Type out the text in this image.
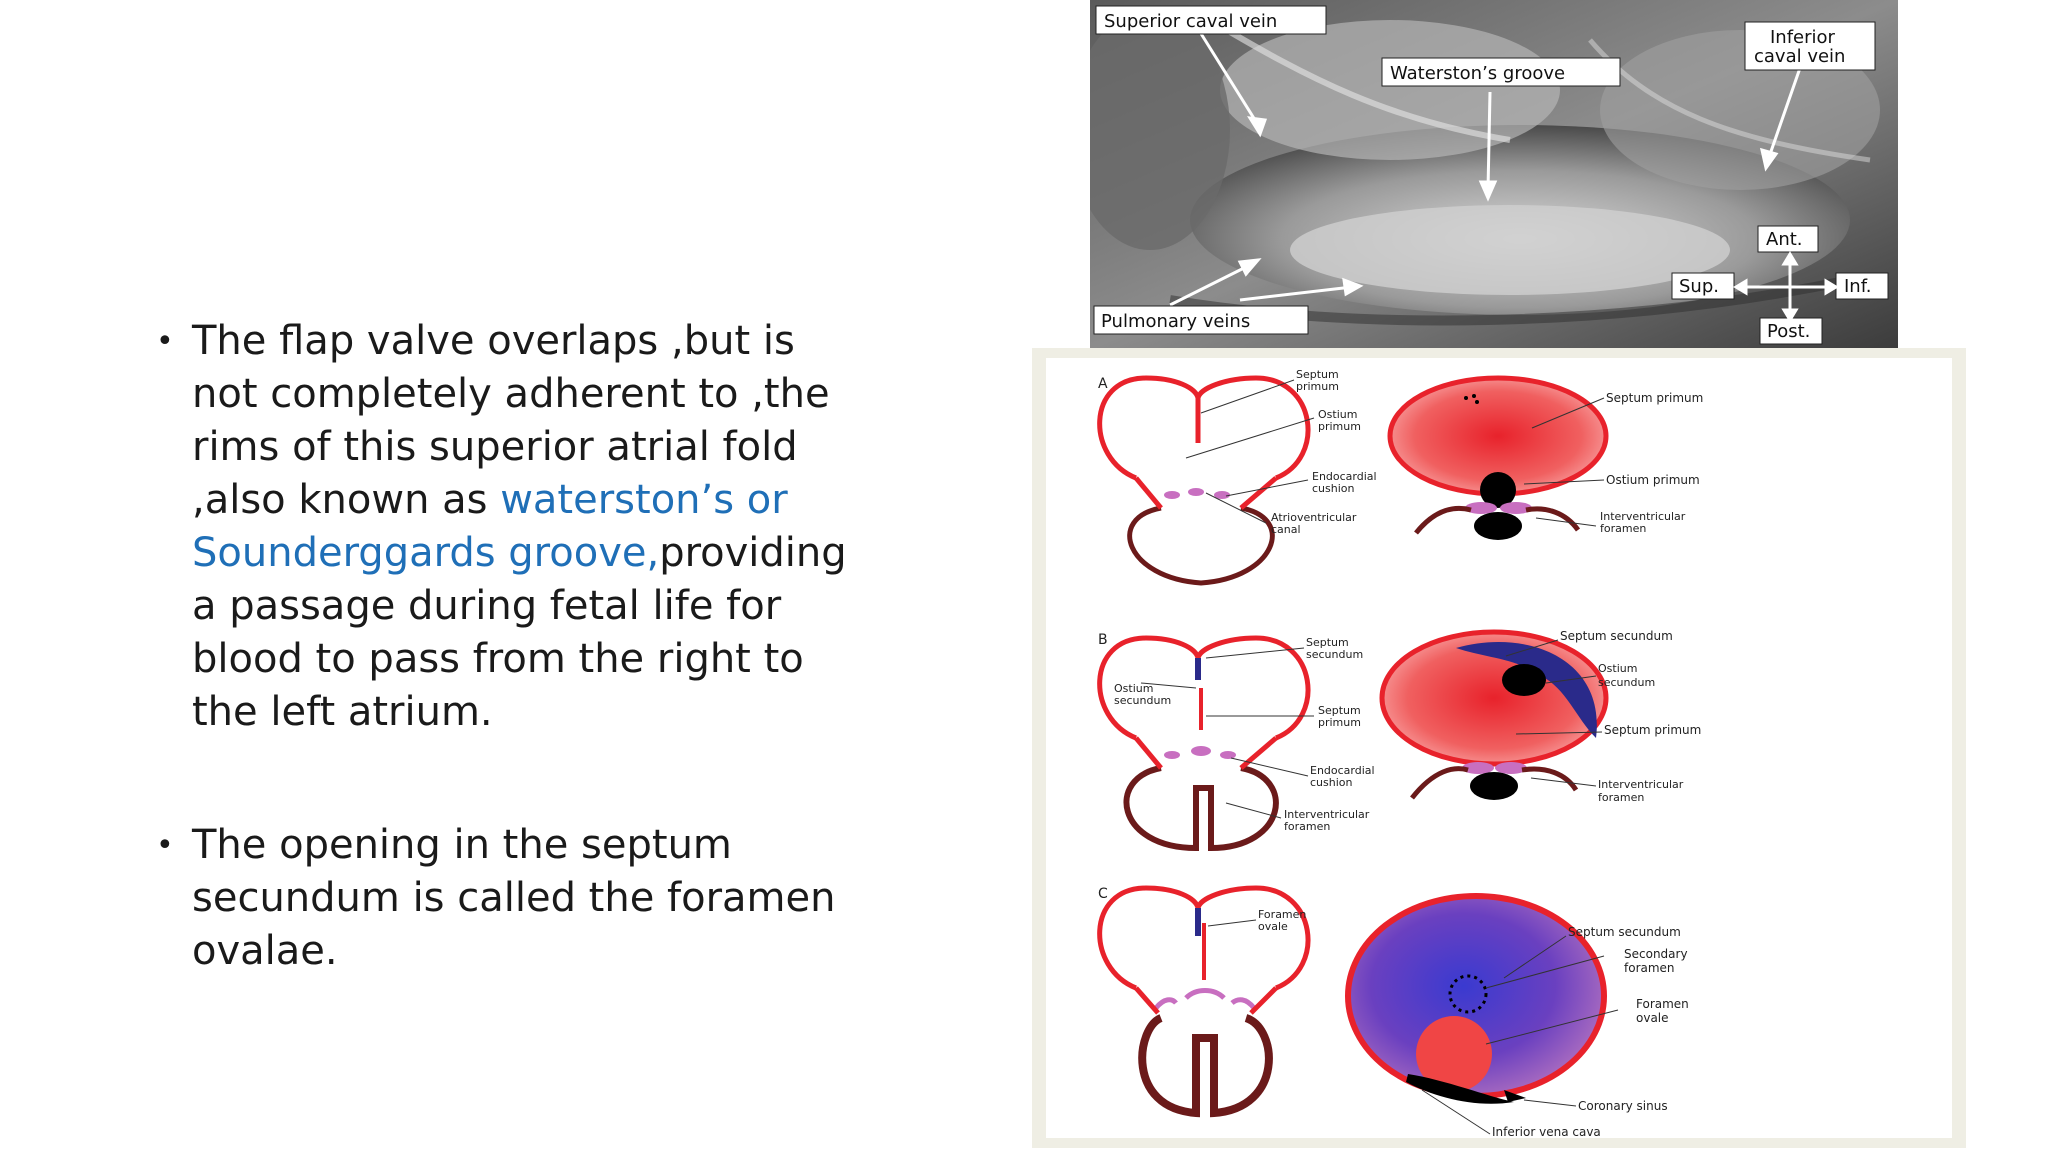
• The flap valve overlaps ,but is not completely adherent to ,the rims of this superior atrial fold ,also known as waterston’s or Sounderggards groove,providing a passage during fetal life for blood to pass from the right to the left atrium.
• The opening in the septum secundum is called the foramen ovalae.
Superior caval vein
Waterston’s groove
Inferior
caval vein
Pulmonary veins
Ant.
Sup.	Inf.
Post.
A
B
C
Septum
primum
Ostium
primum
Endocardial
cushion
Atrioventricular
canal
Septum primum
Ostium primum
Interventricular
foramen
Septum
secundum
Ostium
secundum
Septum
primum
Endocardial
cushion
Interventricular
foramen
Septum secundum
Ostium
secundum
Septum primum
Interventricular
foramen
Foramen
ovale	Septum secundum
Secondary
foramen
Foramen
ovale
Coronary sinus
Inferior vena cava
